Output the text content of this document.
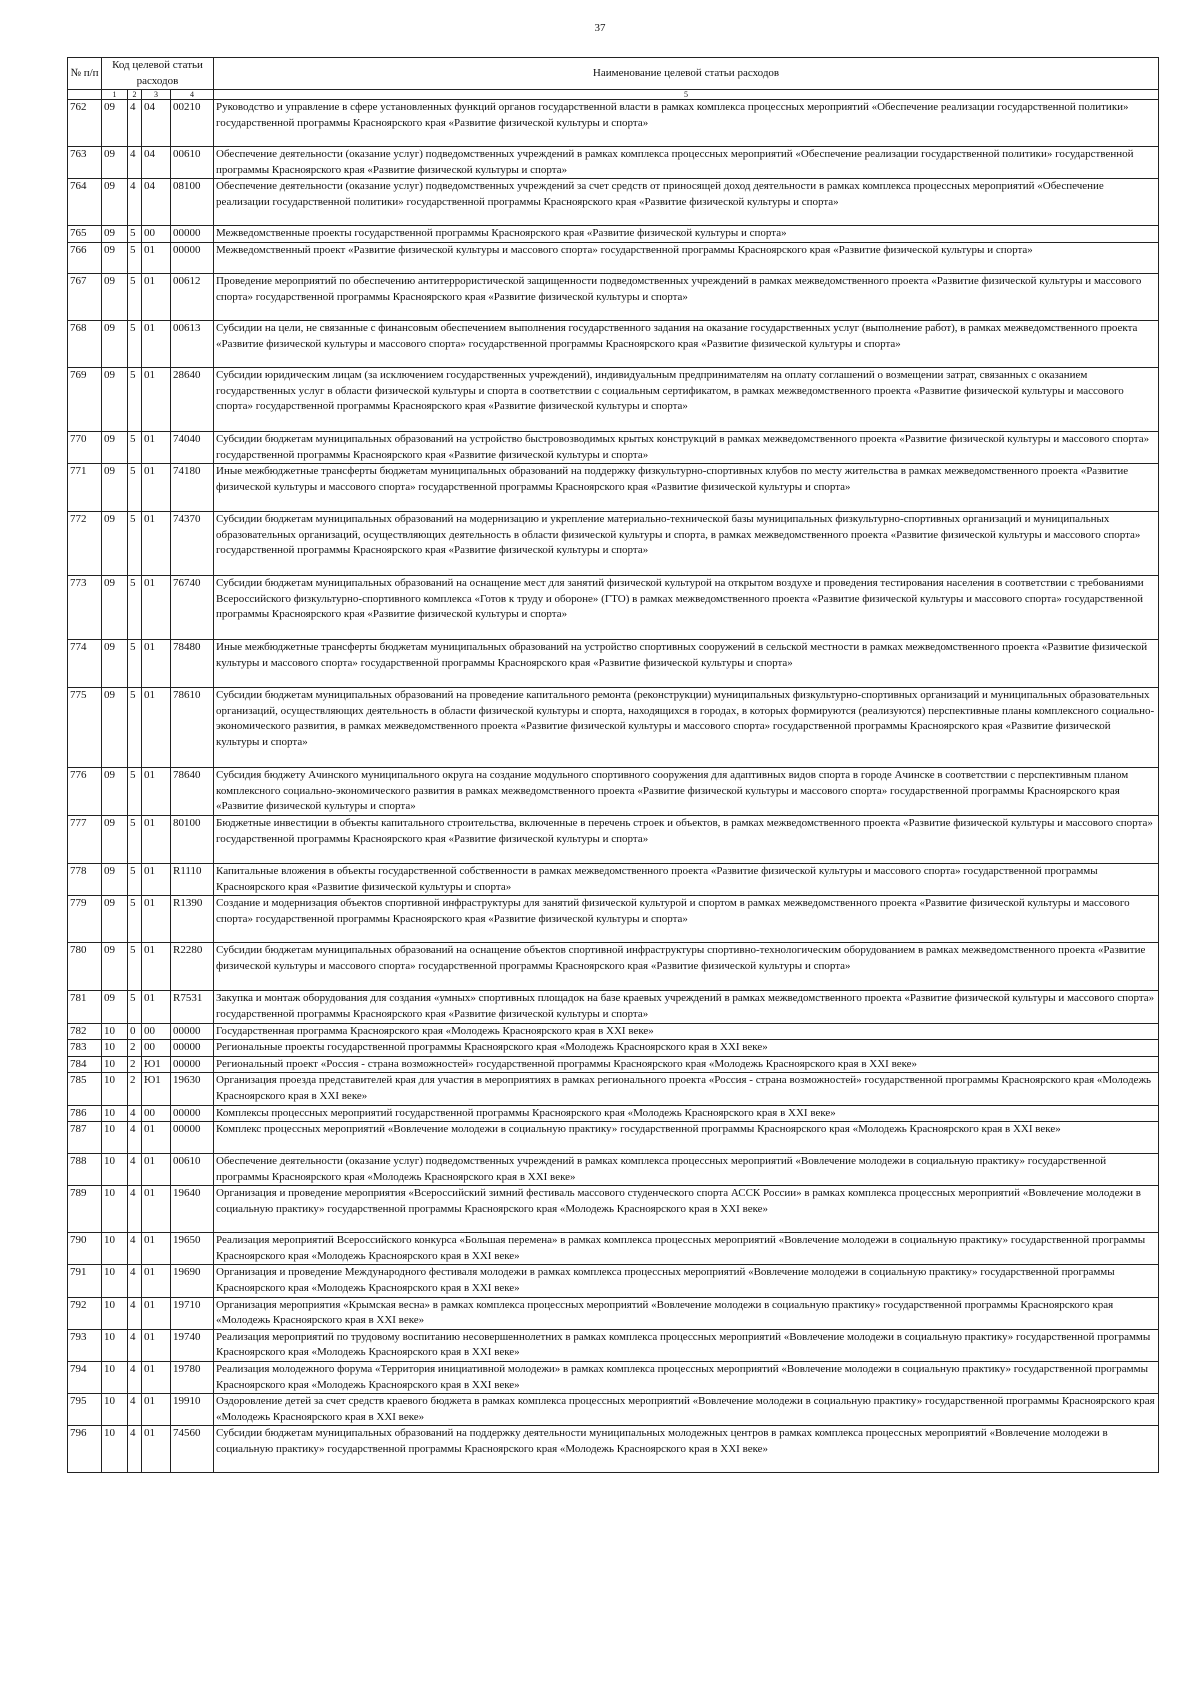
37
№ п/п	Код целевой статьи расходов				Наименование целевой статьи расходов
	1	2	3	4	5
762	09	4	04	00210	Руководство и управление в сфере установленных функций органов государственной власти в рамках комплекса процессных мероприятий «Обеспечение реализации государственной политики» государственной программы Красноярского края «Развитие физической культуры и спорта»
763	09	4	04	00610	Обеспечение деятельности (оказание услуг) подведомственных учреждений в рамках комплекса процессных мероприятий «Обеспечение реализации государственной политики» государственной программы Красноярского края «Развитие физической культуры и спорта»
764	09	4	04	08100	Обеспечение деятельности (оказание услуг) подведомственных учреждений за счет средств от приносящей доход деятельности в рамках комплекса процессных мероприятий «Обеспечение реализации государственной политики» государственной программы Красноярского края «Развитие физической культуры и спорта»
765	09	5	00	00000	Межведомственные проекты государственной программы Красноярского края «Развитие физической культуры и спорта»
766	09	5	01	00000	Межведомственный проект «Развитие физической культуры и массового спорта» государственной программы Красноярского края «Развитие физической культуры и спорта»
767	09	5	01	00612	Проведение мероприятий по обеспечению антитеррористической защищенности подведомственных учреждений в рамках межведомственного проекта «Развитие физической культуры и массового спорта» государственной программы Красноярского края «Развитие физической культуры и спорта»
768	09	5	01	00613	Субсидии на цели, не связанные с финансовым обеспечением выполнения государственного задания на оказание государственных услуг (выполнение работ), в рамках межведомственного проекта «Развитие физической культуры и массового спорта» государственной программы Красноярского края «Развитие физической культуры и спорта»
769	09	5	01	28640	Субсидии юридическим лицам (за исключением государственных учреждений), индивидуальным предпринимателям на оплату соглашений о возмещении затрат, связанных с оказанием государственных услуг в области физической культуры и спорта в соответствии с социальным сертификатом, в рамках межведомственного проекта «Развитие физической культуры и массового спорта» государственной программы Красноярского края «Развитие физической культуры и спорта»
770	09	5	01	74040	Субсидии бюджетам муниципальных образований на устройство быстровозводимых крытых конструкций в рамках межведомственного проекта «Развитие физической культуры и массового спорта» государственной программы Красноярского края «Развитие физической культуры и спорта»
771	09	5	01	74180	Иные межбюджетные трансферты бюджетам муниципальных образований на поддержку физкультурно-спортивных клубов по месту жительства в рамках межведомственного проекта «Развитие физической культуры и массового спорта» государственной программы Красноярского края «Развитие физической культуры и спорта»
772	09	5	01	74370	Субсидии бюджетам муниципальных образований на модернизацию и укрепление материально-технической базы муниципальных физкультурно-спортивных организаций и муниципальных образовательных организаций, осуществляющих деятельность в области физической культуры и спорта, в рамках межведомственного проекта «Развитие физической культуры и массового спорта» государственной программы Красноярского края «Развитие физической культуры и спорта»
773	09	5	01	76740	Субсидии бюджетам муниципальных образований на оснащение мест для занятий физической культурой на открытом воздухе и проведения тестирования населения в соответствии с требованиями Всероссийского физкультурно-спортивного комплекса «Готов к труду и обороне» (ГТО) в рамках межведомственного проекта «Развитие физической культуры и массового спорта» государственной программы Красноярского края «Развитие физической культуры и спорта»
774	09	5	01	78480	Иные межбюджетные трансферты бюджетам муниципальных образований на устройство спортивных сооружений в сельской местности в рамках межведомственного проекта «Развитие физической культуры и массового спорта» государственной программы Красноярского края «Развитие физической культуры и спорта»
775	09	5	01	78610	Субсидии бюджетам муниципальных образований на проведение капитального ремонта (реконструкции) муниципальных физкультурно-спортивных организаций и муниципальных образовательных организаций, осуществляющих деятельность в области физической культуры и спорта, находящихся в городах, в которых формируются (реализуются) перспективные планы комплексного социально-экономического развития, в рамках межведомственного проекта «Развитие физической культуры и массового спорта» государственной программы Красноярского края «Развитие физической культуры и спорта»
776	09	5	01	78640	Субсидия бюджету Ачинского муниципального округа на создание модульного спортивного сооружения для адаптивных видов спорта в городе Ачинске в соответствии с перспективным планом комплексного социально-экономического развития в рамках межведомственного проекта «Развитие физической культуры и массового спорта» государственной программы Красноярского края «Развитие физической культуры и спорта»
777	09	5	01	80100	Бюджетные инвестиции в объекты капитального строительства, включенные в перечень строек и объектов, в рамках межведомственного проекта «Развитие физической культуры и массового спорта» государственной программы Красноярского края «Развитие физической культуры и спорта»
778	09	5	01	R1110	Капитальные вложения в объекты государственной собственности в рамках межведомственного проекта «Развитие физической культуры и массового спорта» государственной программы Красноярского края «Развитие физической культуры и спорта»
779	09	5	01	R1390	Создание и модернизация объектов спортивной инфраструктуры для занятий физической культурой и спортом в рамках межведомственного проекта «Развитие физической культуры и массового спорта» государственной программы Красноярского края «Развитие физической культуры и спорта»
780	09	5	01	R2280	Субсидии бюджетам муниципальных образований на оснащение объектов спортивной инфраструктуры спортивно-технологическим оборудованием в рамках межведомственного проекта «Развитие физической культуры и массового спорта» государственной программы Красноярского края «Развитие физической культуры и спорта»
781	09	5	01	R7531	Закупка и монтаж оборудования для создания «умных» спортивных площадок на базе краевых учреждений в рамках межведомственного проекта «Развитие физической культуры и массового спорта» государственной программы Красноярского края «Развитие физической культуры и спорта»
782	10	0	00	00000	Государственная программа Красноярского края «Молодежь Красноярского края в XXI веке»
783	10	2	00	00000	Региональные проекты государственной программы Красноярского края «Молодежь Красноярского края в XXI веке»
784	10	2	Ю1	00000	Региональный проект «Россия - страна возможностей» государственной программы Красноярского края «Молодежь Красноярского края в XXI веке»
785	10	2	Ю1	19630	Организация проезда представителей края для участия в мероприятиях в рамках регионального проекта «Россия - страна возможностей» государственной программы Красноярского края «Молодежь Красноярского края в XXI веке»
786	10	4	00	00000	Комплексы процессных мероприятий государственной программы Красноярского края «Молодежь Красноярского края в XXI веке»
787	10	4	01	00000	Комплекс процессных мероприятий «Вовлечение молодежи в социальную практику» государственной программы Красноярского края «Молодежь Красноярского края в XXI веке»
788	10	4	01	00610	Обеспечение деятельности (оказание услуг) подведомственных учреждений в рамках комплекса процессных мероприятий «Вовлечение молодежи в социальную практику» государственной программы Красноярского края «Молодежь Красноярского края в XXI веке»
789	10	4	01	19640	Организация и проведение мероприятия «Всероссийский зимний фестиваль массового студенческого спорта АССК России» в рамках комплекса процессных мероприятий «Вовлечение молодежи в социальную практику» государственной программы Красноярского края «Молодежь Красноярского края в XXI веке»
790	10	4	01	19650	Реализация мероприятий Всероссийского конкурса «Большая перемена» в рамках комплекса процессных мероприятий «Вовлечение молодежи в социальную практику» государственной программы Красноярского края «Молодежь Красноярского края в XXI веке»
791	10	4	01	19690	Организация и проведение Международного фестиваля молодежи в рамках комплекса процессных мероприятий «Вовлечение молодежи в социальную практику» государственной программы Красноярского края «Молодежь Красноярского края в XXI веке»
792	10	4	01	19710	Организация мероприятия «Крымская весна» в рамках комплекса процессных мероприятий «Вовлечение молодежи в социальную практику» государственной программы Красноярского края «Молодежь Красноярского края в XXI веке»
793	10	4	01	19740	Реализация мероприятий по трудовому воспитанию несовершеннолетних в рамках комплекса процессных мероприятий «Вовлечение молодежи в социальную практику» государственной программы Красноярского края «Молодежь Красноярского края в XXI веке»
794	10	4	01	19780	Реализация молодежного форума «Территория инициативной молодежи» в рамках комплекса процессных мероприятий «Вовлечение молодежи в социальную практику» государственной программы Красноярского края «Молодежь Красноярского края в XXI веке»
795	10	4	01	19910	Оздоровление детей за счет средств краевого бюджета в рамках комплекса процессных мероприятий «Вовлечение молодежи в социальную практику» государственной программы Красноярского края «Молодежь Красноярского края в XXI веке»
796	10	4	01	74560	Субсидии бюджетам муниципальных образований на поддержку деятельности муниципальных молодежных центров в рамках комплекса процессных мероприятий «Вовлечение молодежи в социальную практику» государственной программы Красноярского края «Молодежь Красноярского края в XXI веке»
